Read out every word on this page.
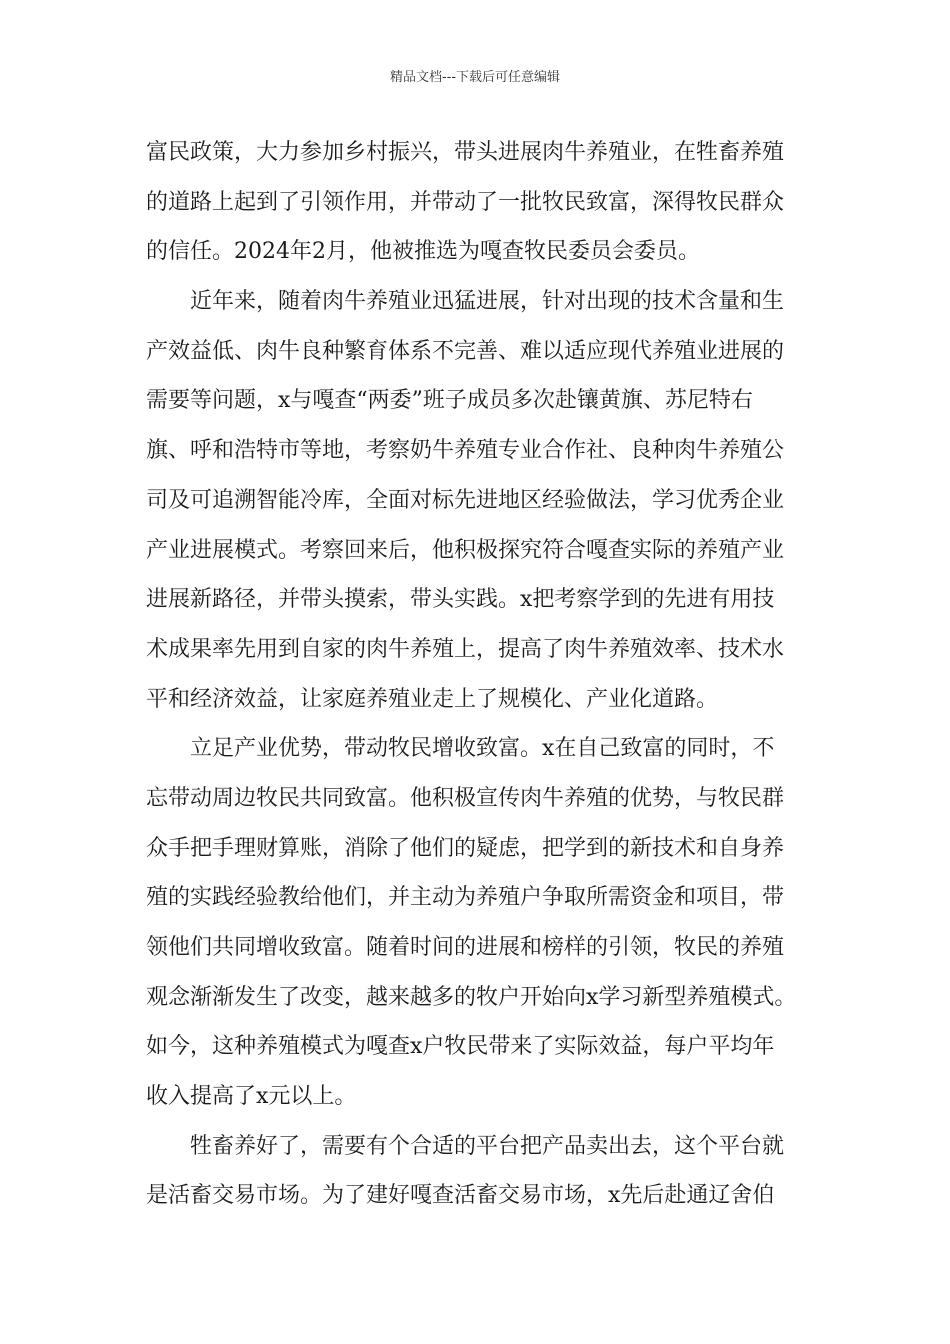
精品文档---下载后可任意编辑
富民政策，大力参加乡村振兴，带头进展肉牛养殖业，在牲畜养殖
的道路上起到了引领作用，并带动了一批牧民致富，深得牧民群众
的信任。2024年2月，他被推选为嘎查牧民委员会委员。
近年来，随着肉牛养殖业迅猛进展，针对出现的技术含量和生
产效益低、肉牛良种繁育体系不完善、难以适应现代养殖业进展的
需要等问题，x与嘎查“两委”班子成员多次赴镶黄旗、苏尼特右
旗、呼和浩特市等地，考察奶牛养殖专业合作社、良种肉牛养殖公
司及可追溯智能冷库，全面对标先进地区经验做法，学习优秀企业
产业进展模式。考察回来后，他积极探究符合嘎查实际的养殖产业
进展新路径，并带头摸索，带头实践。x把考察学到的先进有用技
术成果率先用到自家的肉牛养殖上，提高了肉牛养殖效率、技术水
平和经济效益，让家庭养殖业走上了规模化、产业化道路。
立足产业优势，带动牧民增收致富。x在自己致富的同时，不
忘带动周边牧民共同致富。他积极宣传肉牛养殖的优势，与牧民群
众手把手理财算账，消除了他们的疑虑，把学到的新技术和自身养
殖的实践经验教给他们，并主动为养殖户争取所需资金和项目，带
领他们共同增收致富。随着时间的进展和榜样的引领，牧民的养殖
观念渐渐发生了改变，越来越多的牧户开始向x学习新型养殖模式。
如今，这种养殖模式为嘎查x户牧民带来了实际效益，每户平均年
收入提高了x元以上。
牲畜养好了，需要有个合适的平台把产品卖出去，这个平台就
是活畜交易市场。为了建好嘎查活畜交易市场，x先后赴通辽舍伯
